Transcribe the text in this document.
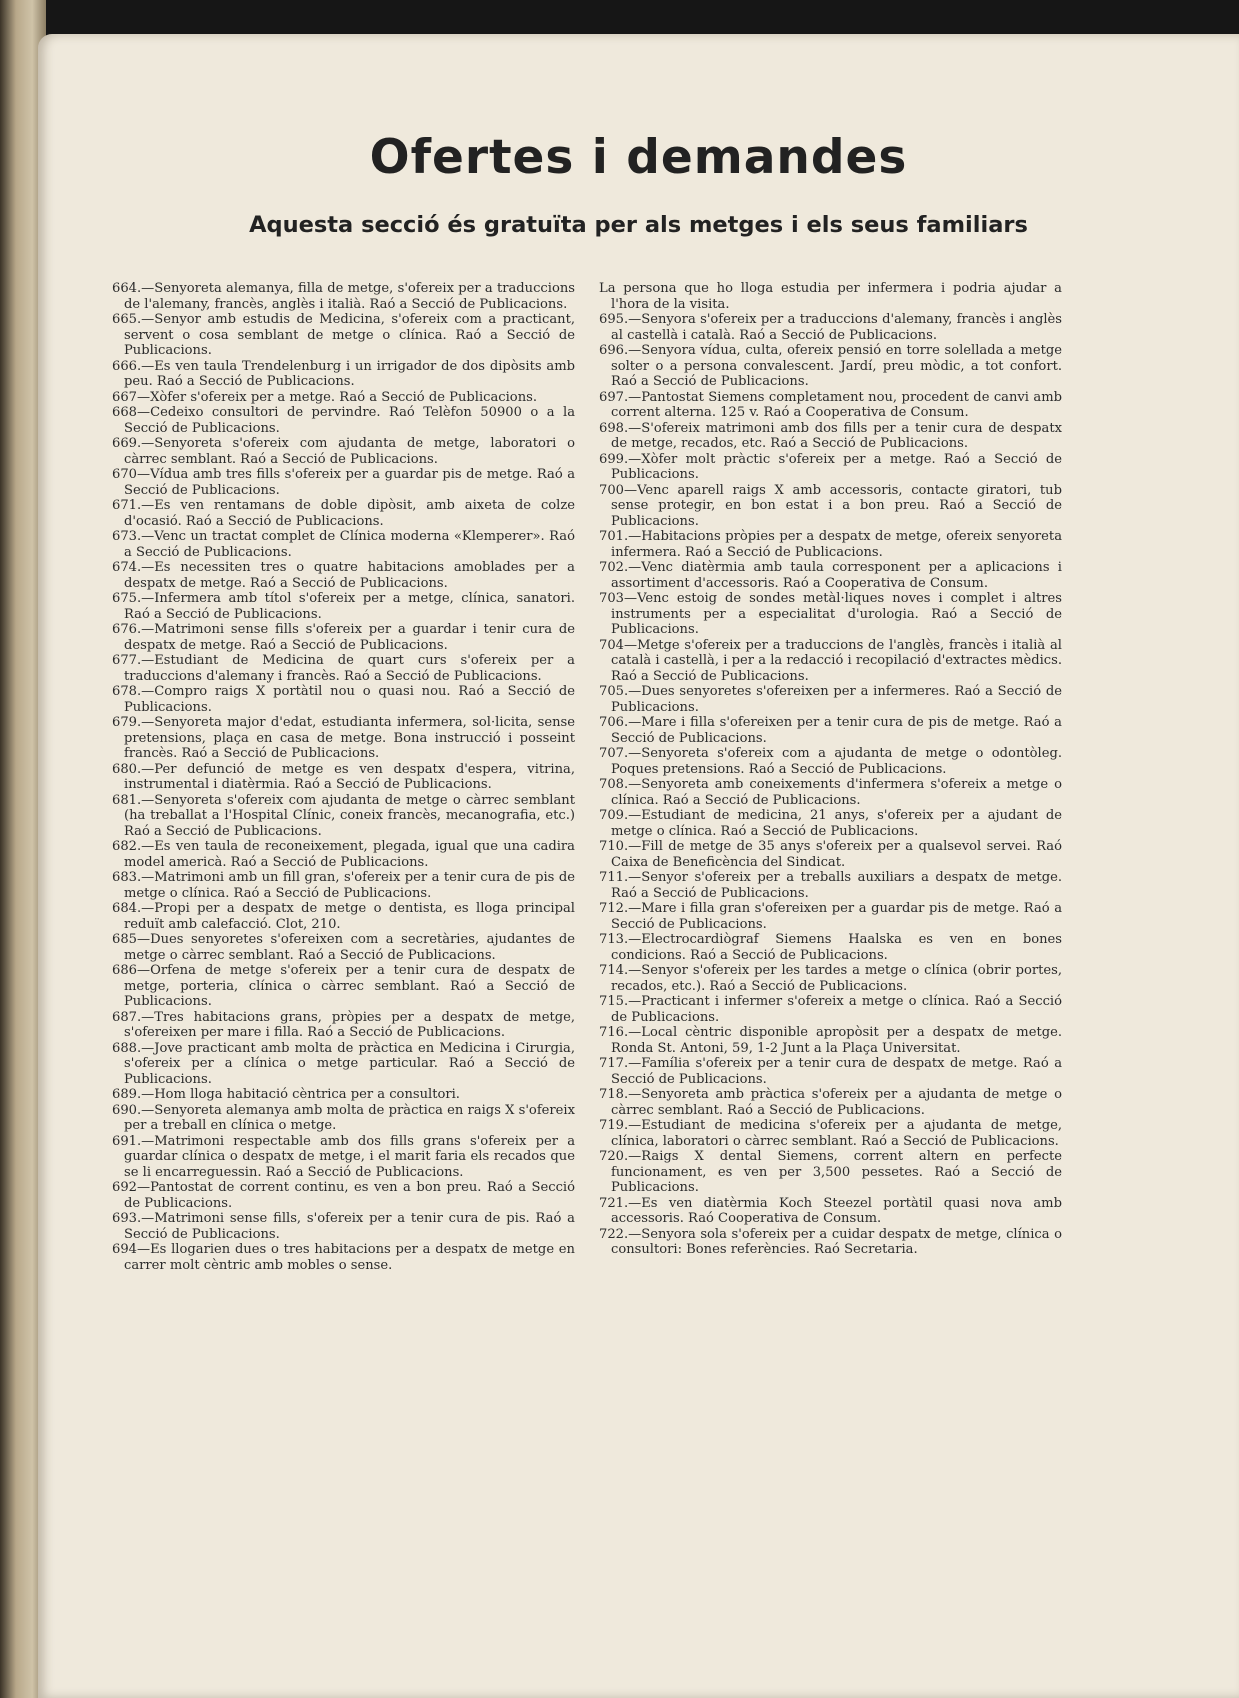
Ofertes i demandes
Aquesta secció és gratuïta per als metges i els seus familiars

664.—Senyoreta alemanya, filla de metge, s'ofereix per a traduccions de l'alemany, francès, anglès i italià. Raó a Secció de Publicacions.

665.—Senyor amb estudis de Medicina, s'ofereix com a practicant, servent o cosa semblant de metge o clínica. Raó a Secció de Publicacions.

666.—Es ven taula Trendelenburg i un irrigador de dos dipòsits amb peu. Raó a Secció de Publicacions.

667—Xòfer s'ofereix per a metge. Raó a Secció de Publicacions.

668—Cedeixo consultori de pervindre. Raó Telèfon 50900 o a la Secció de Publicacions.

669.—Senyoreta s'ofereix com ajudanta de metge, laboratori o càrrec semblant. Raó a Secció de Publicacions.

670—Vídua amb tres fills s'ofereix per a guardar pis de metge. Raó a Secció de Publicacions.

671.—Es ven rentamans de doble dipòsit, amb aixeta de colze d'ocasió. Raó a Secció de Publicacions.

673.—Venc un tractat complet de Clínica moderna «Klemperer». Raó a Secció de Publicacions.

674.—Es necessiten tres o quatre habitacions amoblades per a despatx de metge. Raó a Secció de Publicacions.

675.—Infermera amb títol s'ofereix per a metge, clínica, sanatori. Raó a Secció de Publicacions.

676.—Matrimoni sense fills s'ofereix per a guardar i tenir cura de despatx de metge. Raó a Secció de Publicacions.

677.—Estudiant de Medicina de quart curs s'ofereix per a traduccions d'alemany i francès. Raó a Secció de Publicacions.

678.—Compro raigs X portàtil nou o quasi nou. Raó a Secció de Publicacions.

679.—Senyoreta major d'edat, estudianta infermera, sol·licita, sense pretensions, plaça en casa de metge. Bona instrucció i posseint francès. Raó a Secció de Publicacions.

680.—Per defunció de metge es ven despatx d'espera, vitrina, instrumental i diatèrmia. Raó a Secció de Publicacions.

681.—Senyoreta s'ofereix com ajudanta de metge o càrrec semblant (ha treballat a l'Hospital Clínic, coneix francès, mecanografia, etc.) Raó a Secció de Publicacions.

682.—Es ven taula de reconeixement, plegada, igual que una cadira model americà. Raó a Secció de Publicacions.

683.—Matrimoni amb un fill gran, s'ofereix per a tenir cura de pis de metge o clínica. Raó a Secció de Publicacions.

684.—Propi per a despatx de metge o dentista, es lloga principal reduït amb calefacció. Clot, 210.

685—Dues senyoretes s'ofereixen com a secretàries, ajudantes de metge o càrrec semblant. Raó a Secció de Publicacions.

686—Orfena de metge s'ofereix per a tenir cura de despatx de metge, porteria, clínica o càrrec semblant. Raó a Secció de Publicacions.

687.—Tres habitacions grans, pròpies per a despatx de metge, s'ofereixen per mare i filla. Raó a Secció de Publicacions.

688.—Jove practicant amb molta de pràctica en Medicina i Cirurgia, s'ofereix per a clínica o metge particular. Raó a Secció de Publicacions.

689.—Hom lloga habitació cèntrica per a consultori.

690.—Senyoreta alemanya amb molta de pràctica en raigs X s'ofereix per a treball en clínica o metge.

691.—Matrimoni respectable amb dos fills grans s'ofereix per a guardar clínica o despatx de metge, i el marit faria els recados que se li encarreguessin. Raó a Secció de Publicacions.

692—Pantostat de corrent continu, es ven a bon preu. Raó a Secció de Publicacions.

693.—Matrimoni sense fills, s'ofereix per a tenir cura de pis. Raó a Secció de Publicacions.

694—Es llogarien dues o tres habitacions per a despatx de metge en carrer molt cèntric amb mobles o sense.

La persona que ho lloga estudia per infermera i podria ajudar a l'hora de la visita.

695.—Senyora s'ofereix per a traduccions d'alemany, francès i anglès al castellà i català. Raó a Secció de Publicacions.

696.—Senyora vídua, culta, ofereix pensió en torre solellada a metge solter o a persona convalescent. Jardí, preu mòdic, a tot confort. Raó a Secció de Publicacions.

697.—Pantostat Siemens completament nou, procedent de canvi amb corrent alterna. 125 v. Raó a Cooperativa de Consum.

698.—S'ofereix matrimoni amb dos fills per a tenir cura de despatx de metge, recados, etc. Raó a Secció de Publicacions.

699.—Xòfer molt pràctic s'ofereix per a metge. Raó a Secció de Publicacions.

700—Venc aparell raigs X amb accessoris, contacte giratori, tub sense protegir, en bon estat i a bon preu. Raó a Secció de Publicacions.

701.—Habitacions pròpies per a despatx de metge, ofereix senyoreta infermera. Raó a Secció de Publicacions.

702.—Venc diatèrmia amb taula corresponent per a aplicacions i assortiment d'accessoris. Raó a Cooperativa de Consum.

703—Venc estoig de sondes metàl·liques noves i complet i altres instruments per a especialitat d'urologia. Raó a Secció de Publicacions.

704—Metge s'ofereix per a traduccions de l'anglès, francès i italià al català i castellà, i per a la redacció i recopilació d'extractes mèdics. Raó a Secció de Publicacions.

705.—Dues senyoretes s'ofereixen per a infermeres. Raó a Secció de Publicacions.

706.—Mare i filla s'ofereixen per a tenir cura de pis de metge. Raó a Secció de Publicacions.

707.—Senyoreta s'ofereix com a ajudanta de metge o odontòleg. Poques pretensions. Raó a Secció de Publicacions.

708.—Senyoreta amb coneixements d'infermera s'ofereix a metge o clínica. Raó a Secció de Publicacions.

709.—Estudiant de medicina, 21 anys, s'ofereix per a ajudant de metge o clínica. Raó a Secció de Publicacions.

710.—Fill de metge de 35 anys s'ofereix per a qualsevol servei. Raó Caixa de Beneficència del Sindicat.

711.—Senyor s'ofereix per a treballs auxiliars a despatx de metge. Raó a Secció de Publicacions.

712.—Mare i filla gran s'ofereixen per a guardar pis de metge. Raó a Secció de Publicacions.

713.—Electrocardiògraf Siemens Haalska es ven en bones condicions. Raó a Secció de Publicacions.

714.—Senyor s'ofereix per les tardes a metge o clínica (obrir portes, recados, etc.). Raó a Secció de Publicacions.

715.—Practicant i infermer s'ofereix a metge o clínica. Raó a Secció de Publicacions.

716.—Local cèntric disponible apropòsit per a despatx de metge. Ronda St. Antoni, 59, 1-2 Junt a la Plaça Universitat.

717.—Família s'ofereix per a tenir cura de despatx de metge. Raó a Secció de Publicacions.

718.—Senyoreta amb pràctica s'ofereix per a ajudanta de metge o càrrec semblant. Raó a Secció de Publicacions.

719.—Estudiant de medicina s'ofereix per a ajudanta de metge, clínica, laboratori o càrrec semblant. Raó a Secció de Publicacions.

720.—Raigs X dental Siemens, corrent altern en perfecte funcionament, es ven per 3,500 pessetes. Raó a Secció de Publicacions.

721.—Es ven diatèrmia Koch Steezel portàtil quasi nova amb accessoris. Raó Cooperativa de Consum.

722.—Senyora sola s'ofereix per a cuidar despatx de metge, clínica o consultori: Bones referències. Raó Secretaria.
